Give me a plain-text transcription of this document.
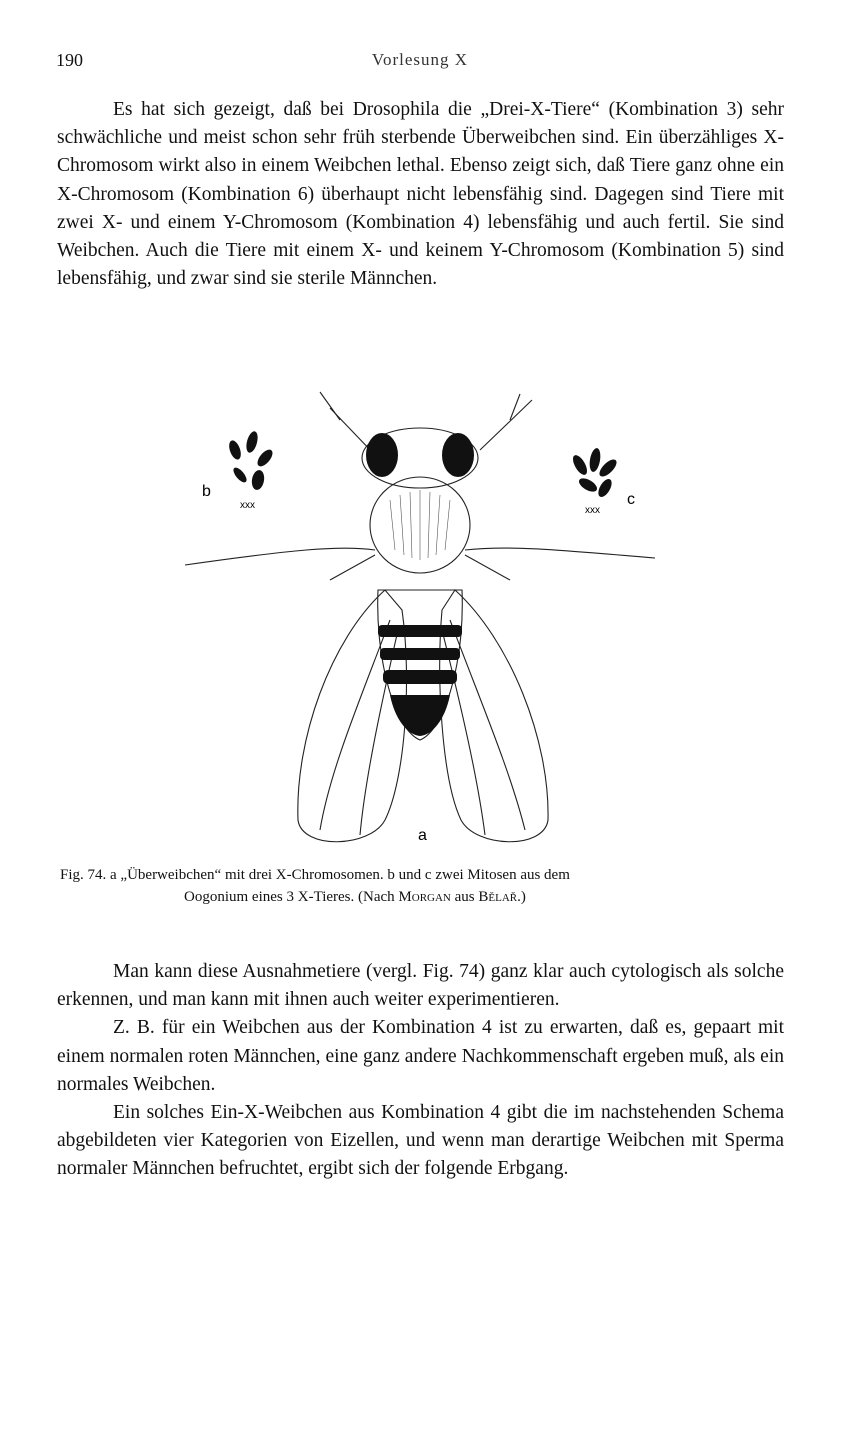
190	Vorlesung X

Es hat sich gezeigt, daß bei Drosophila die „Drei-X-Tiere“ (Kombination 3) sehr schwächliche und meist schon sehr früh sterbende Überweibchen sind. Ein überzähliges X-Chromosom wirkt also in einem Weibchen lethal. Ebenso zeigt sich, daß Tiere ganz ohne ein X-Chromosom (Kombination 6) überhaupt nicht lebensfähig sind. Dagegen sind Tiere mit zwei X- und einem Y-Chromosom (Kombination 4) lebensfähig und auch fertil. Sie sind Weibchen. Auch die Tiere mit einem X- und keinem Y-Chromosom (Kombination 5) sind lebensfähig, und zwar sind sie sterile Männchen.

b
xxx	c
xxx
a
Fig. 74. a „Überweibchen“ mit drei X-Chromosomen. b und c zwei Mitosen aus dem
Oogonium eines 3 X-Tieres. (Nach Morgan aus Bělař.)

Man kann diese Ausnahmetiere (vergl. Fig. 74) ganz klar auch cytologisch als solche erkennen, und man kann mit ihnen auch weiter experimentieren.

Z. B. für ein Weibchen aus der Kombination 4 ist zu erwarten, daß es, gepaart mit einem normalen roten Männchen, eine ganz andere Nachkommenschaft ergeben muß, als ein normales Weibchen.

Ein solches Ein-X-Weibchen aus Kombination 4 gibt die im nachstehenden Schema abgebildeten vier Kategorien von Eizellen, und wenn man derartige Weibchen mit Sperma normaler Männchen befruchtet, ergibt sich der folgende Erbgang.
